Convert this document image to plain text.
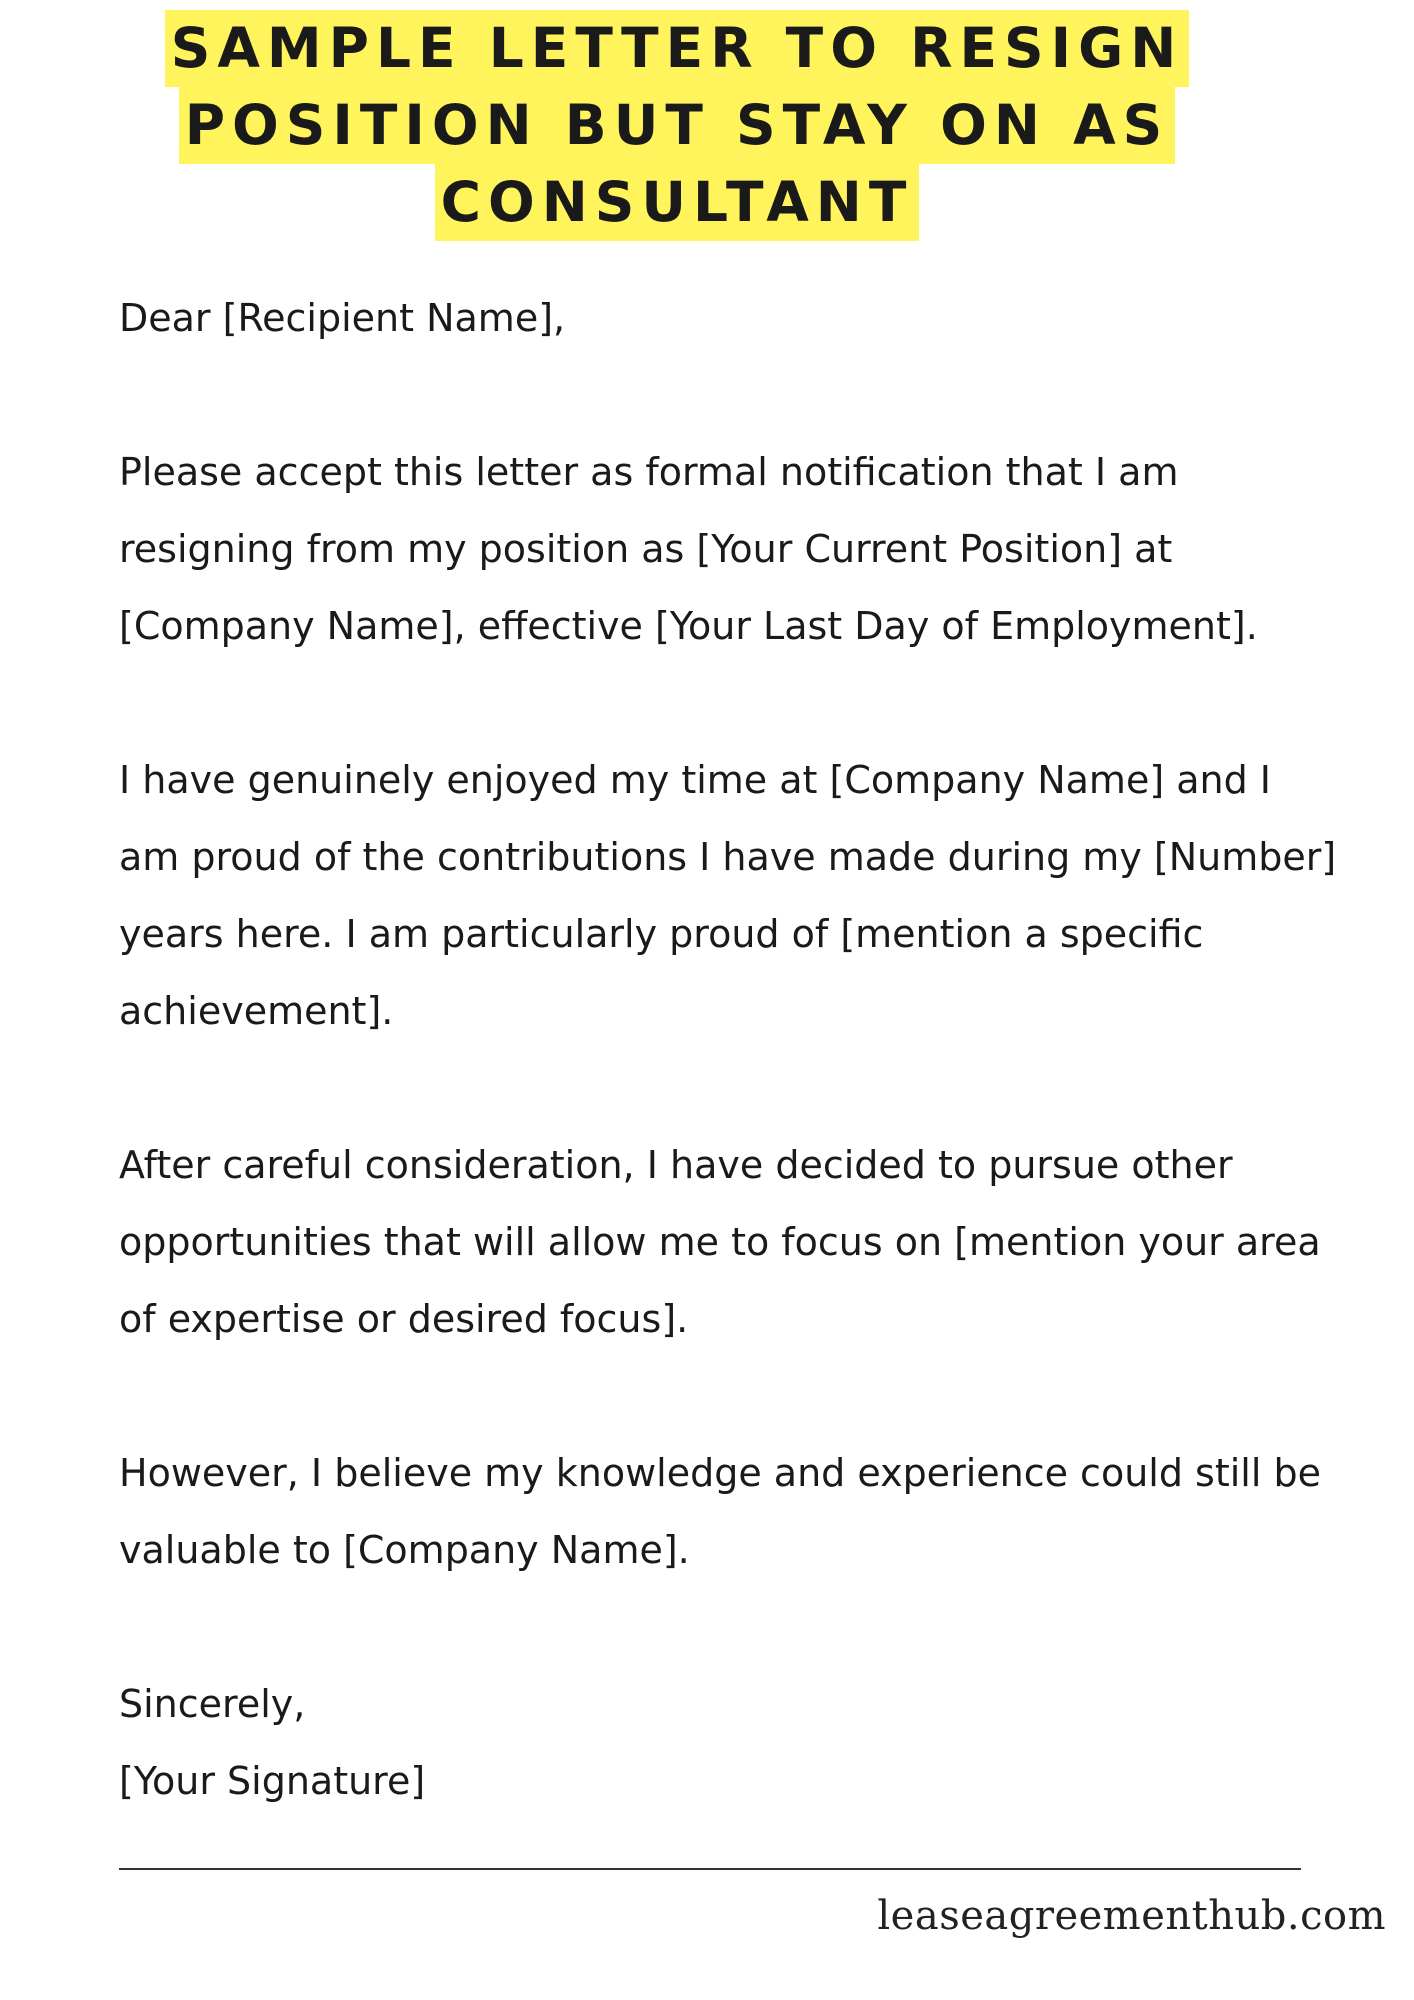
SAMPLE LETTER TO RESIGN
POSITION BUT STAY ON AS
CONSULTANT

Dear [Recipient Name],

Please accept this letter as formal notification that I am resigning from my position as [Your Current Position] at [Company Name], effective [Your Last Day of Employment].

I have genuinely enjoyed my time at [Company Name] and I am proud of the contributions I have made during my [Number] years here. I am particularly proud of [mention a specific achievement].

After careful consideration, I have decided to pursue other opportunities that will allow me to focus on [mention your area of expertise or desired focus].

However, I believe my knowledge and experience could still be valuable to [Company Name].

Sincerely,

[Your Signature]

leaseagreementhub.com
